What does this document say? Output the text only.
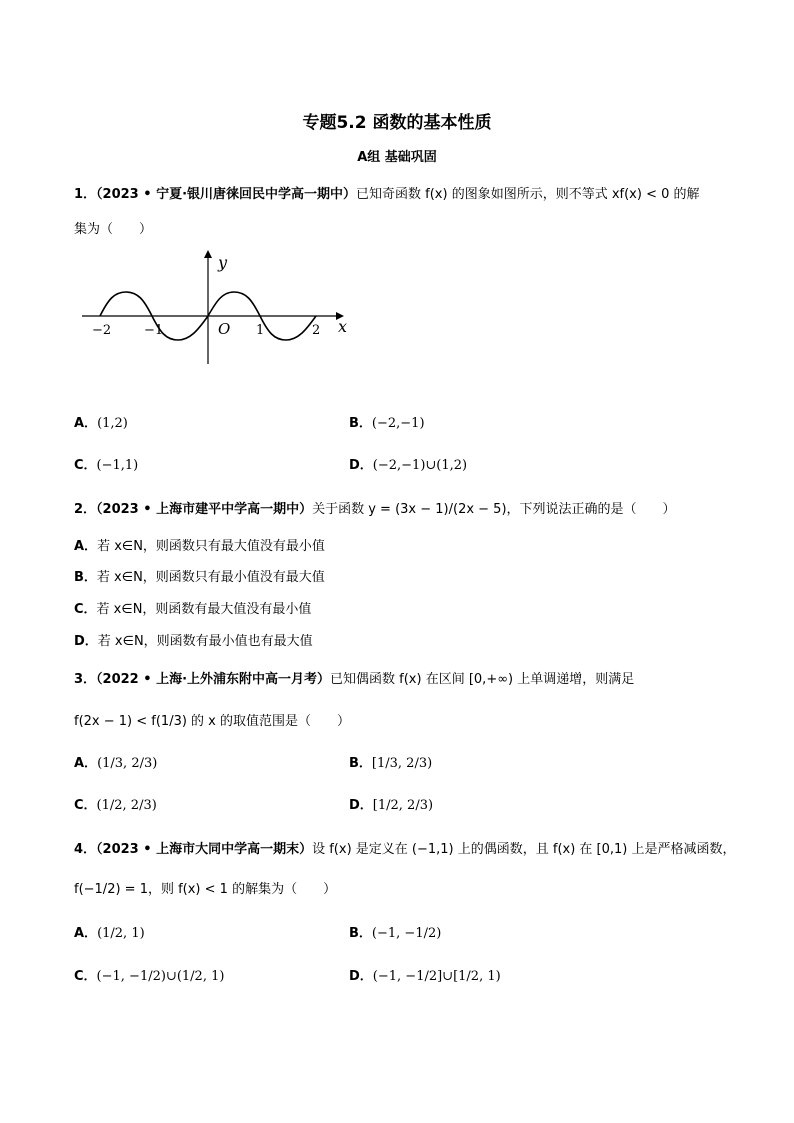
专题5.2 函数的基本性质
A组 基础巩固
1．（2023 • 宁夏·银川唐徕回民中学高一期中）已知奇函数 f(x) 的图象如图所示，则不等式 xf(x) < 0 的解
集为（　　）
y
x
O
−2	−1	1	2
A．(1,2)	B．(−2,−1)
C．(−1,1)	D．(−2,−1)∪(1,2)
2．（2023 • 上海市建平中学高一期中）关于函数 y = (3x − 1)/(2x − 5)，下列说法正确的是（　　）
A．若 x∈N，则函数只有最大值没有最小值
B．若 x∈N，则函数只有最小值没有最大值
C．若 x∈N，则函数有最大值没有最小值
D．若 x∈N，则函数有最小值也有最大值
3．（2022 • 上海·上外浦东附中高一月考）已知偶函数 f(x) 在区间 [0,+∞) 上单调递增，则满足
f(2x − 1) < f(1/3) 的 x 的取值范围是（　　）
A．(1/3, 2/3)	B．[1/3, 2/3)
C．(1/2, 2/3)	D．[1/2, 2/3)
4．（2023 • 上海市大同中学高一期末）设 f(x) 是定义在 (−1,1) 上的偶函数，且 f(x) 在 [0,1) 上是严格减函数，
f(−1/2) = 1，则 f(x) < 1 的解集为（　　）
A．(1/2, 1)	B．(−1, −1/2)
C．(−1, −1/2)∪(1/2, 1)	D．(−1, −1/2]∪[1/2, 1)
